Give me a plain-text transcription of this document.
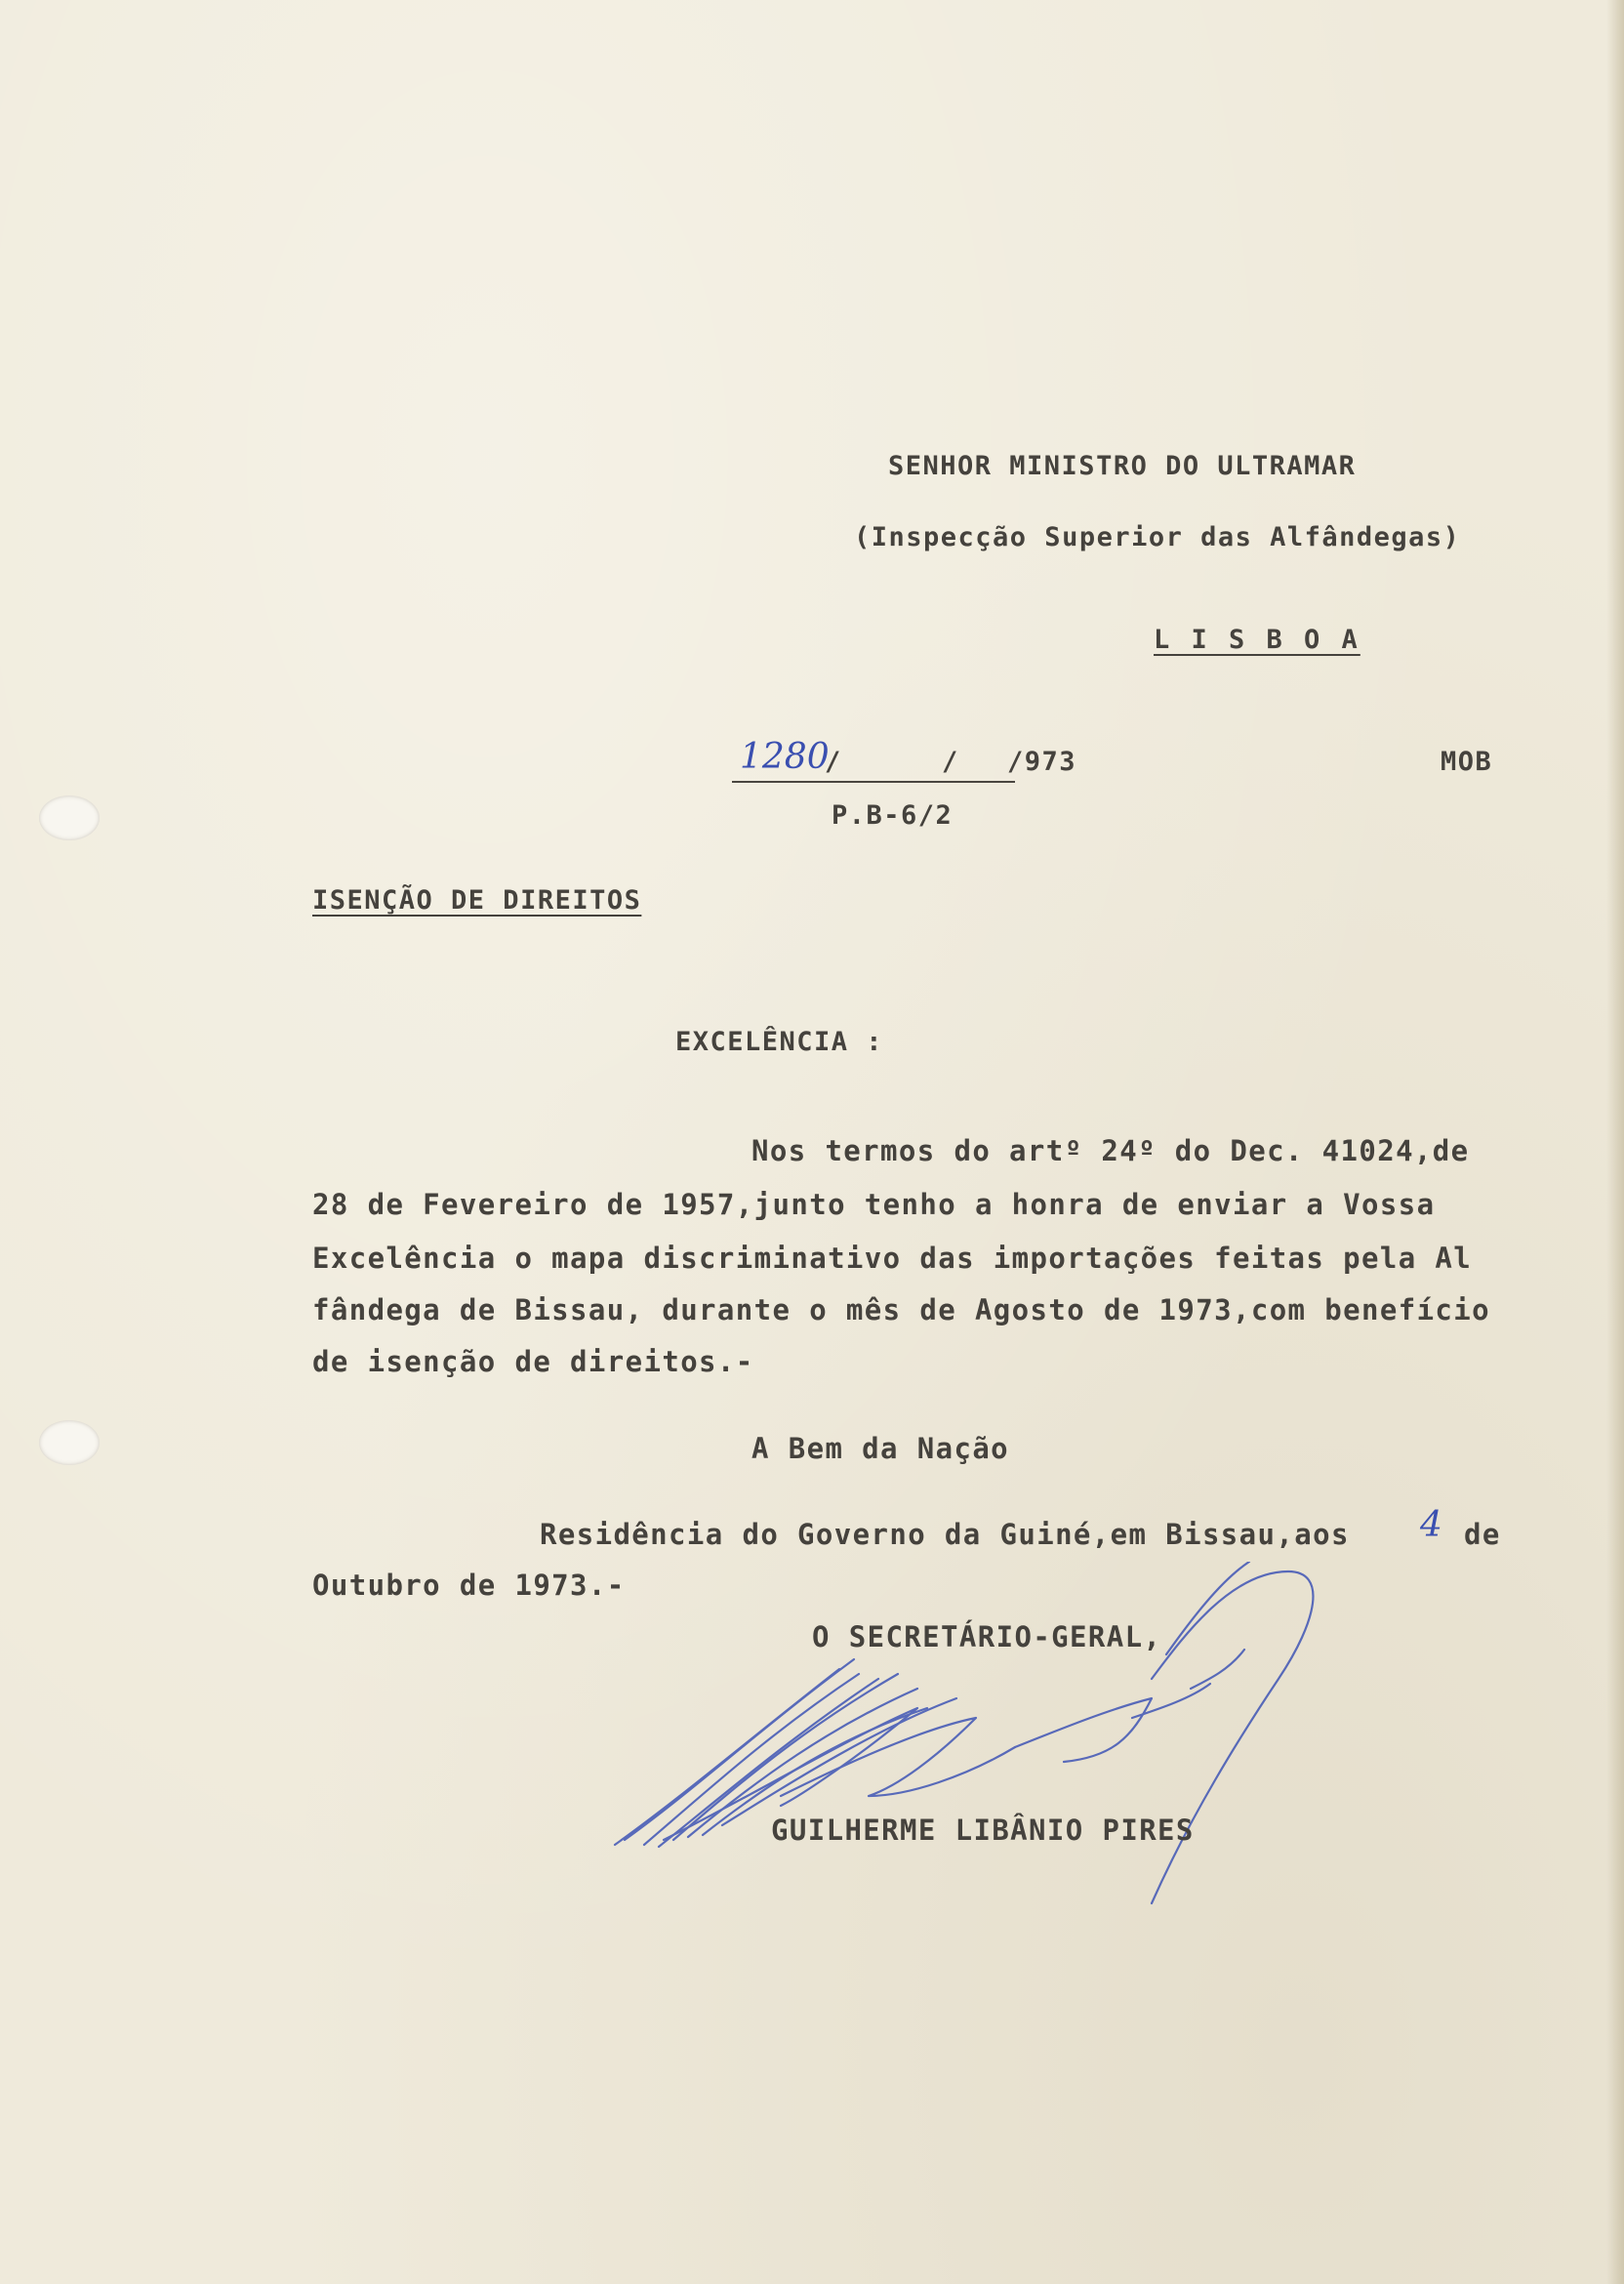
SENHOR MINISTRO DO ULTRAMAR
(Inspecção Superior das Alfândegas)
L I S B O A
1280
/	/ /973	MOB
P.B-6/2
ISENÇÃO DE DIREITOS
EXCELÊNCIA :
Nos termos do artº 24º do Dec. 41024,de
28 de Fevereiro de 1957,junto tenho a honra de enviar a Vossa
Excelência o mapa discriminativo das importações feitas pela Al
fândega de Bissau, durante o mês de Agosto de 1973,com benefício
de isenção de direitos.-
A Bem da Nação
Residência do Governo da Guiné,em Bissau,aos 4 de
Outubro de 1973.-
O SECRETÁRIO-GERAL,
GUILHERME LIBÂNIO PIRES
